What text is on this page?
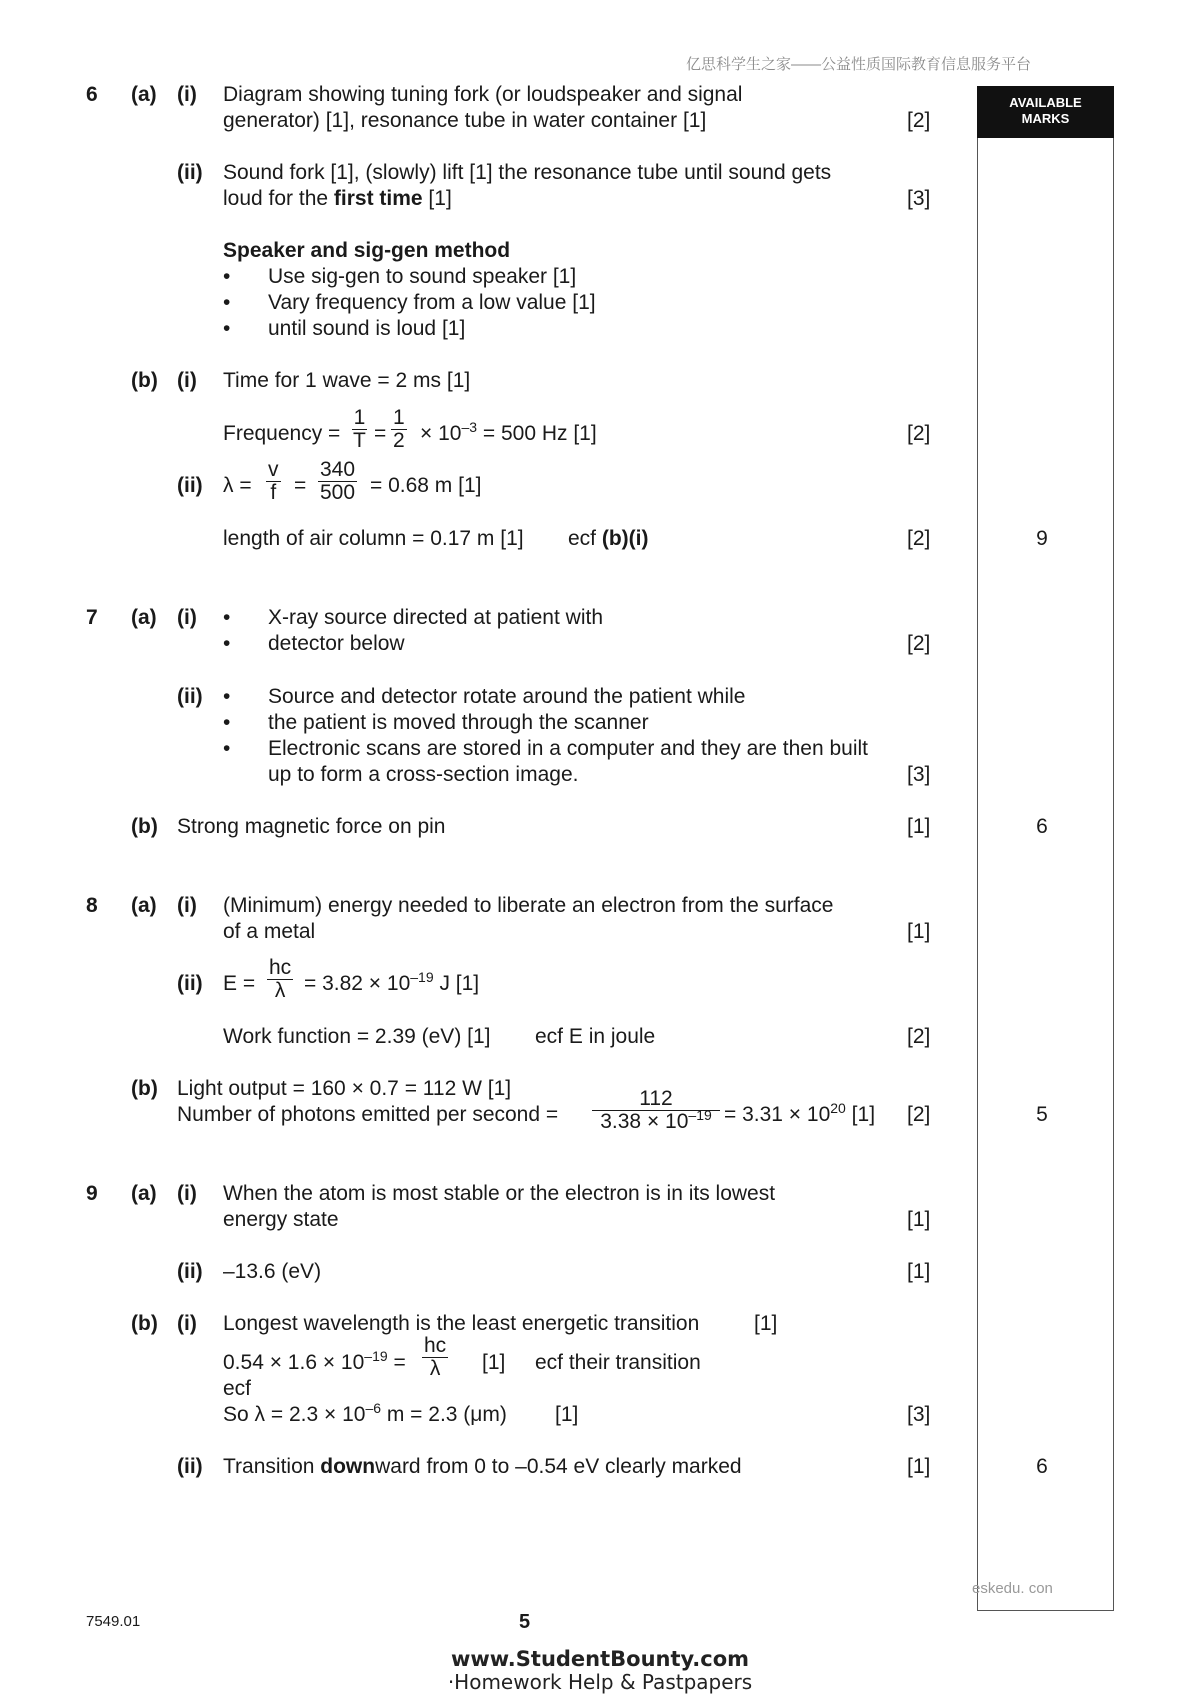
亿思科学生之家——公益性质国际教育信息服务平台
AVAILABLE
MARKS
6 (a) (i) Diagram showing tuning fork (or loudspeaker and signal
generator) [1], resonance tube in water container [1]	[2]
(ii) Sound fork [1], (slowly) lift [1] the resonance tube until sound gets
loud for the first time [1]	[3]
Speaker and sig-gen method
• Use sig-gen to sound speaker [1]
• Vary frequency from a low value [1]
• until sound is loud [1]
(b) (i) Time for 1 wave = 2 ms [1]
Frequency = $\frac{1}{T} = \frac{1}{2} \times 10^{-3} = 500$ Hz [1]	[2]
(ii) $\lambda = \frac{v}{f} = \frac{340}{500} = 0.68$ m [1]
length of air column = 0.17 m [1] ecf (b)(i)	[2]	9
7 (a) (i) • X-ray source directed at patient with
• detector below	[2]
(ii) • Source and detector rotate around the patient while
• the patient is moved through the scanner
• Electronic scans are stored in a computer and they are then built
up to form a cross-section image.	[3]
(b) Strong magnetic force on pin	[1]	6
8 (a) (i) (Minimum) energy needed to liberate an electron from the surface
of a metal	[1]
(ii) $E = \frac{hc}{\lambda} = 3.82 \times 10^{-19}$ J [1]
Work function = 2.39 (eV) [1] ecf E in joule	[2]
(b) Light output = 160 × 0.7 = 112 W [1]
Number of photons emitted per second = $\frac{112}{3.38 \times 10^{-19}} = 3.31 \times 10^{20}$ [1] [2]	5
9 (a) (i) When the atom is most stable or the electron is in its lowest
energy state	[1]
(ii) –13.6 (eV)	[1]
(b) (i) Longest wavelength is the least energetic transition	[1]
$0.54 \times 1.6 \times 10^{-19} = \frac{hc}{\lambda} [1]$ ecf their transition
ecf
So $\lambda = 2.3 \times 10^{-6}$ m = 2.3 (μm) [1]	[3]
(ii) Transition downward from 0 to –0.54 eV clearly marked	[1]	6
eskedu. con
7549.01	5
www.StudentBounty.com
·Homework Help & Pastpapers
